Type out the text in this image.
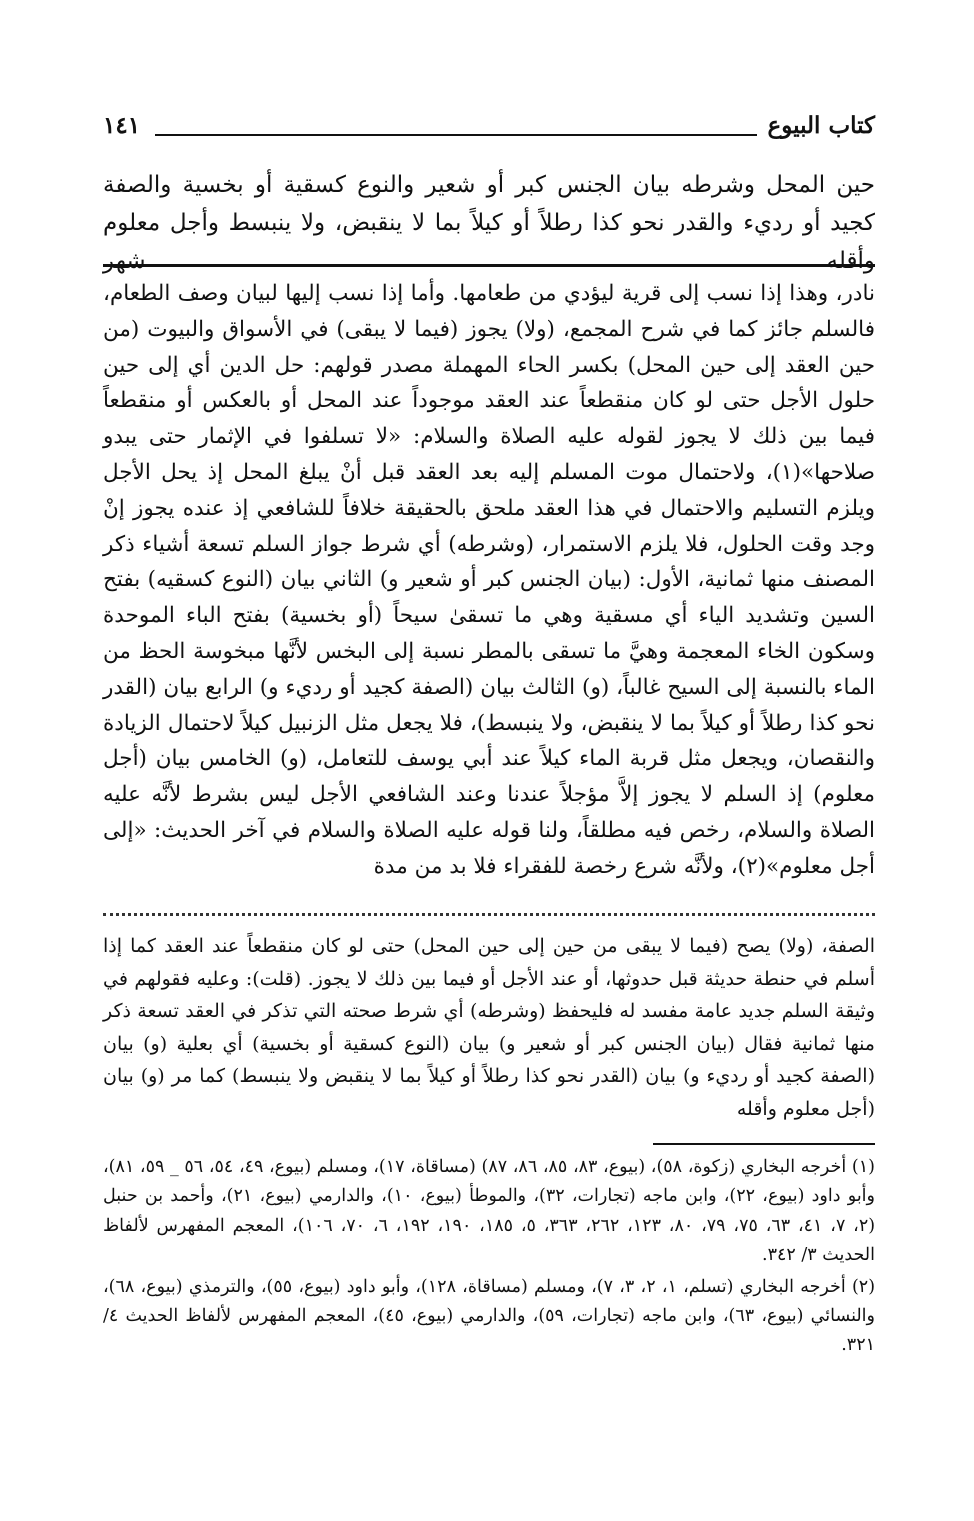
كتاب البيوع
١٤١

حين المحل وشرطه بيان الجنس كبر أو شعير والنوع كسقية أو بخسية والصفة كجيد أو رديء والقدر نحو كذا رطلاً أو كيلاً بما لا ينقبض، ولا ينبسط وأجل معلوم وأقله شهر

نادر، وهذا إذا نسب إلى قرية ليؤدي من طعامها. وأما إذا نسب إليها لبيان وصف الطعام، فالسلم جائز كما في شرح المجمع، (ولا) يجوز (فيما لا يبقى) في الأسواق والبيوت (من حين العقد إلى حين المحل) بكسر الحاء المهملة مصدر قولهم: حل الدين أي إلى حين حلول الأجل حتى لو كان منقطعاً عند العقد موجوداً عند المحل أو بالعكس أو منقطعاً فيما بين ذلك لا يجوز لقوله عليه الصلاة والسلام: «لا تسلفوا في الإثمار حتى يبدو صلاحها»(١)، ولاحتمال موت المسلم إليه بعد العقد قبل أنْ يبلغ المحل إذ يحل الأجل ويلزم التسليم والاحتمال في هذا العقد ملحق بالحقيقة خلافاً للشافعي إذ عنده يجوز إنْ وجد وقت الحلول، فلا يلزم الاستمرار، (وشرطه) أي شرط جواز السلم تسعة أشياء ذكر المصنف منها ثمانية، الأول: (بيان الجنس كبر أو شعير و) الثاني بيان (النوع كسقيه) بفتح السين وتشديد الياء أي مسقية وهي ما تسقىٰ سيحاً (أو بخسية) بفتح الباء الموحدة وسكون الخاء المعجمة وهيَّ ما تسقى بالمطر نسبة إلى البخس لأنَّها مبخوسة الحظ من الماء بالنسبة إلى السيح غالباً، (و) الثالث بيان (الصفة كجيد أو رديء و) الرابع بيان (القدر نحو كذا رطلاً أو كيلاً بما لا ينقبض، ولا ينبسط)، فلا يجعل مثل الزنبيل كيلاً لاحتمال الزيادة والنقصان، ويجعل مثل قربة الماء كيلاً عند أبي يوسف للتعامل، (و) الخامس بيان (أجل معلوم) إذ السلم لا يجوز إلاَّ مؤجلاً عندنا وعند الشافعي الأجل ليس بشرط لأنَّه عليه الصلاة والسلام، رخص فيه مطلقاً، ولنا قوله عليه الصلاة والسلام في آخر الحديث: «إلى أجل معلوم»(٢)، ولأنَّه شرع رخصة للفقراء فلا بد من مدة

الصفة، (ولا) يصح (فيما لا يبقى من حين إلى حين المحل) حتى لو كان منقطعاً عند العقد كما إذا أسلم في حنطة حديثة قبل حدوثها، أو عند الأجل أو فيما بين ذلك لا يجوز. (قلت): وعليه فقولهم في وثيقة السلم جديد عامة مفسد له فليحفظ (وشرطه) أي شرط صحته التي تذكر في العقد تسعة ذكر منها ثمانية فقال (بيان الجنس كبر أو شعير و) بيان (النوع كسقية أو بخسية) أي بعلية (و) بيان (الصفة كجيد أو رديء و) بيان (القدر نحو كذا رطلاً أو كيلاً بما لا ينقبض ولا ينبسط) كما مر (و) بيان (أجل معلوم وأقله

(١) أخرجه البخاري (زكوة، ٥٨)، (بيوع، ٨٣، ٨٥، ٨٦، ٨٧) (مساقاة، ١٧)، ومسلم (بيوع، ٤٩، ٥٤، ٥٦ _ ٥٩، ٨١)، وأبو داود (بيوع، ٢٢)، وابن ماجه (تجارات، ٣٢)، والموطأ (بيوع، ١٠)، والدارمي (بيوع، ٢١)، وأحمد بن حنبل (٢، ٧، ٤١، ٦٣، ٧٥، ٧٩، ٨٠، ١٢٣، ٢٦٢، ٣٦٣، ٥، ١٨٥، ١٩٠، ١٩٢، ٦، ٧٠، ١٠٦)، المعجم المفهرس لألفاظ الحديث ٣/ ٣٤٢.

(٢) أخرجه البخاري (تسلم، ١، ٢، ٣، ٧)، ومسلم (مساقاة، ١٢٨)، وأبو داود (بيوع، ٥٥)، والترمذي (بيوع، ٦٨)، والنسائي (بيوع، ٦٣)، وابن ماجه (تجارات، ٥٩)، والدارمي (بيوع، ٤٥)، المعجم المفهرس لألفاظ الحديث ٤/ ٣٢١.
